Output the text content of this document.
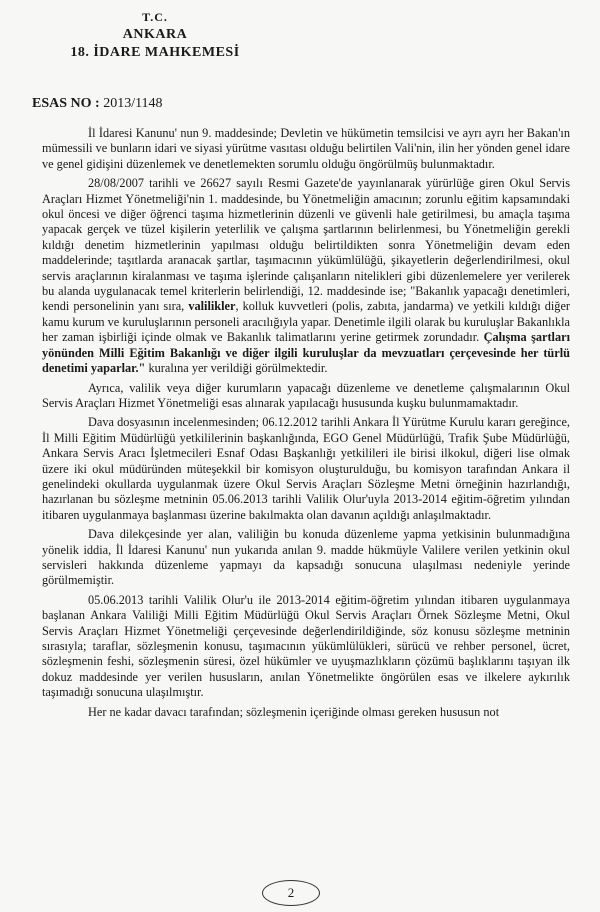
T.C.
ANKARA
18. İDARE MAHKEMESİ
ESAS NO : 2013/1148

İl İdaresi Kanunu' nun 9. maddesinde; Devletin ve hükümetin temsilcisi ve ayrı ayrı her Bakan'ın mümessili ve bunların idari ve siyasi yürütme vasıtası olduğu belirtilen Vali'nin, ilin her yönden genel idare ve genel gidişini düzenlemek ve denetlemekten sorumlu olduğu öngörülmüş bulunmaktadır.

28/08/2007 tarihli ve 26627 sayılı Resmi Gazete'de yayınlanarak yürürlüğe giren Okul Servis Araçları Hizmet Yönetmeliği'nin 1. maddesinde, bu Yönetmeliğin amacının; zorunlu eğitim kapsamındaki okul öncesi ve diğer öğrenci taşıma hizmetlerinin düzenli ve güvenli hale getirilmesi, bu amaçla taşıma yapacak gerçek ve tüzel kişilerin yeterlilik ve çalışma şartlarının belirlenmesi, bu Yönetmeliğin gerekli kıldığı denetim hizmetlerinin yapılması olduğu belirtildikten sonra Yönetmeliğin devam eden maddelerinde; taşıtlarda aranacak şartlar, taşımacının yükümlülüğü, şikayetlerin değerlendirilmesi, okul servis araçlarının kiralanması ve taşıma işlerinde çalışanların nitelikleri gibi düzenlemelere yer verilerek bu alanda uygulanacak temel kriterlerin belirlendiği, 12. maddesinde ise; "Bakanlık yapacağı denetimleri, kendi personelinin yanı sıra, valilikler, kolluk kuvvetleri (polis, zabıta, jandarma) ve yetkili kıldığı diğer kamu kurum ve kuruluşlarının personeli aracılığıyla yapar. Denetimle ilgili olarak bu kuruluşlar Bakanlıkla her zaman işbirliği içinde olmak ve Bakanlık talimatlarını yerine getirmek zorundadır. Çalışma şartları yönünden Milli Eğitim Bakanlığı ve diğer ilgili kuruluşlar da mevzuatları çerçevesinde her türlü denetimi yaparlar." kuralına yer verildiği görülmektedir.

Ayrıca, valilik veya diğer kurumların yapacağı düzenleme ve denetleme çalışmalarının Okul Servis Araçları Hizmet Yönetmeliği esas alınarak yapılacağı hususunda kuşku bulunmamaktadır.

Dava dosyasının incelenmesinden; 06.12.2012 tarihli Ankara İl Yürütme Kurulu kararı gereğince, İl Milli Eğitim Müdürlüğü yetkililerinin başkanlığında, EGO Genel Müdürlüğü, Trafik Şube Müdürlüğü, Ankara Servis Aracı İşletmecileri Esnaf Odası Başkanlığı yetkilileri ile birisi ilkokul, diğeri lise olmak üzere iki okul müdüründen müteşekkil bir komisyon oluşturulduğu, bu komisyon tarafından Ankara il genelindeki okullarda uygulanmak üzere Okul Servis Araçları Sözleşme Metni örneğinin hazırlandığı, hazırlanan bu sözleşme metninin 05.06.2013 tarihli Valilik Olur'uyla 2013-2014 eğitim-öğretim yılından itibaren uygulanmaya başlanması üzerine bakılmakta olan davanın açıldığı anlaşılmaktadır.

Dava dilekçesinde yer alan, valiliğin bu konuda düzenleme yapma yetkisinin bulunmadığına yönelik iddia, İl İdaresi Kanunu' nun yukarıda anılan 9. madde hükmüyle Valilere verilen yetkinin okul servisleri hakkında düzenleme yapmayı da kapsadığı sonucuna ulaşılması nedeniyle yerinde görülmemiştir.

05.06.2013 tarihli Valilik Olur'u ile 2013-2014 eğitim-öğretim yılından itibaren uygulanmaya başlanan Ankara Valiliği Milli Eğitim Müdürlüğü Okul Servis Araçları Örnek Sözleşme Metni, Okul Servis Araçları Hizmet Yönetmeliği çerçevesinde değerlendirildiğinde, söz konusu sözleşme metninin sırasıyla; taraflar, sözleşmenin konusu, taşımacının yükümlülükleri, sürücü ve rehber personel, ücret, sözleşmenin feshi, sözleşmenin süresi, özel hükümler ve uyuşmazlıkların çözümü başlıklarını taşıyan ilk dokuz maddesinde yer verilen hususların, anılan Yönetmelikte öngörülen esas ve ilkelere aykırılık taşımadığı sonucuna ulaşılmıştır.

Her ne kadar davacı tarafından; sözleşmenin içeriğinde olması gereken hususun not

2
